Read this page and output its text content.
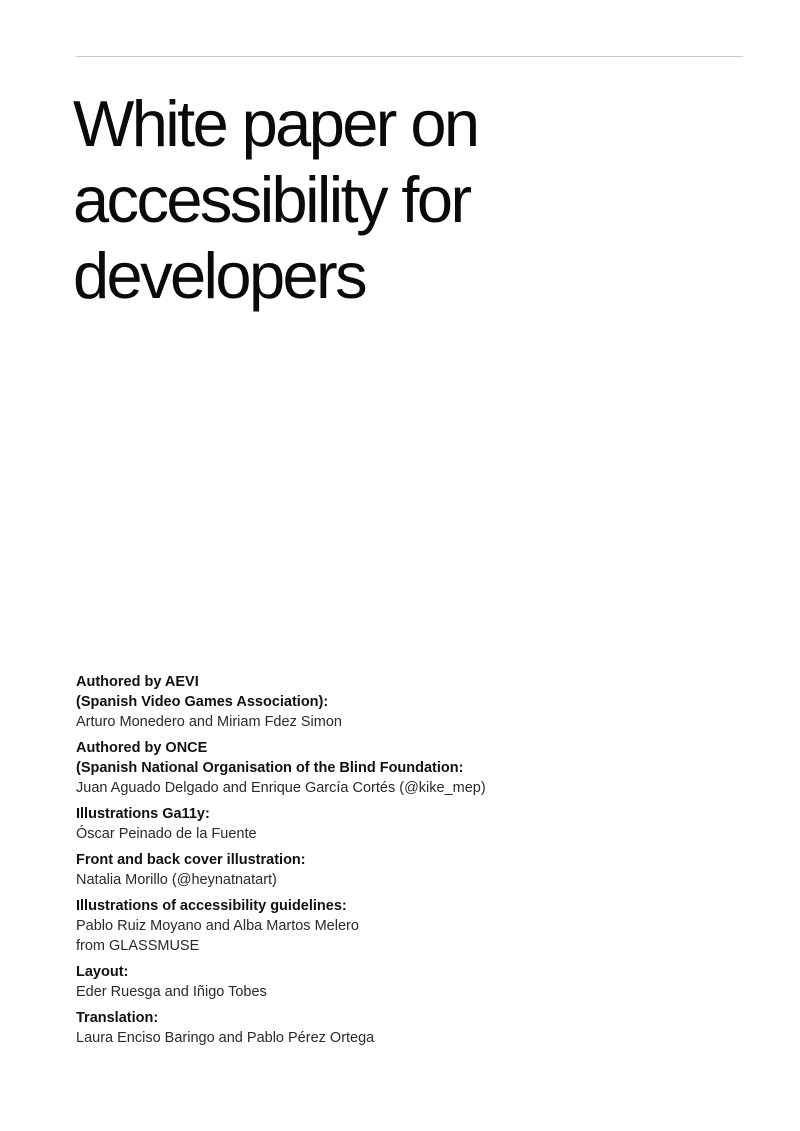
White paper on
accessibility for
developers
Authored by AEVI
(Spanish Video Games Association):
Arturo Monedero and Miriam Fdez Simon
Authored by ONCE
(Spanish National Organisation of the Blind Foundation:
Juan Aguado Delgado and Enrique García Cortés (@kike_mep)
Illustrations Ga11y:
Óscar Peinado de la Fuente
Front and back cover illustration:
Natalia Morillo (@heynatnatart)
Illustrations of accessibility guidelines:
Pablo Ruiz Moyano and Alba Martos Melero
from GLASSMUSE
Layout:
Eder Ruesga and Iñigo Tobes
Translation:
Laura Enciso Baringo and Pablo Pérez Ortega
